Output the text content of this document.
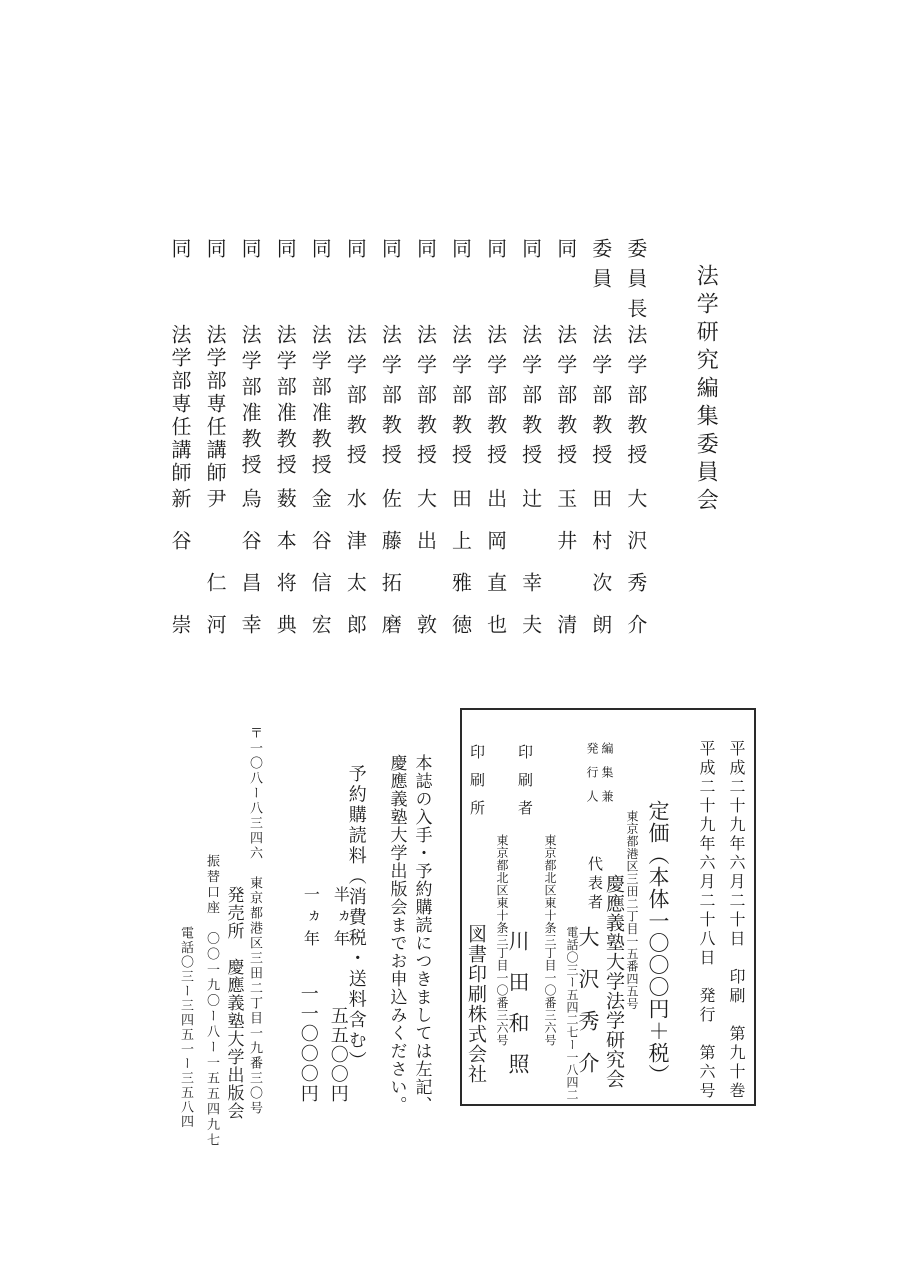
法学研究編集委員会
委員長法学部教授大沢秀介
委員法学部教授田村次朗
同法学部教授玉井　清
同法学部教授辻　幸夫
同法学部教授出岡直也
同法学部教授田上雅徳
同法学部教授大出　敦
同法学部教授佐藤拓磨
同法学部教授水津太郎
同法学部准教授金谷信宏
同法学部准教授薮本将典
同法学部准教授烏谷昌幸
同法学部専任講師尹　仁河
同法学部専任講師新谷　崇
平成二十九年六月二十日　印刷　第九十巻
平成二十九年六月二十八日　発行　第六号
定価（本体一〇〇〇円＋税）
東京都港区三田二丁目一五番四五号
編集兼
発行人
慶應義塾大学法学研究会
代表者
大沢秀介
電話〇三ー五四二七ー一八四二
東京都北区東十条三丁目一〇番三六号
印刷者
川田和照
東京都北区東十条三丁目一〇番三六号
印刷所
図書印刷株式会社
本誌の入手・予約購読につきましては左記、
慶應義塾大学出版会までお申込みください。
予約購読料（消費税・送料含む）
半ヵ年
五五〇〇円
一ヵ年
一一〇〇〇円
〒一〇八ー八三四六　東京都港区三田二丁目一九番三〇号
発売所　慶應義塾大学出版会
振替口座　〇〇一九〇ー八ー一五五四九七
電話〇三ー三四五一ー三五八四
